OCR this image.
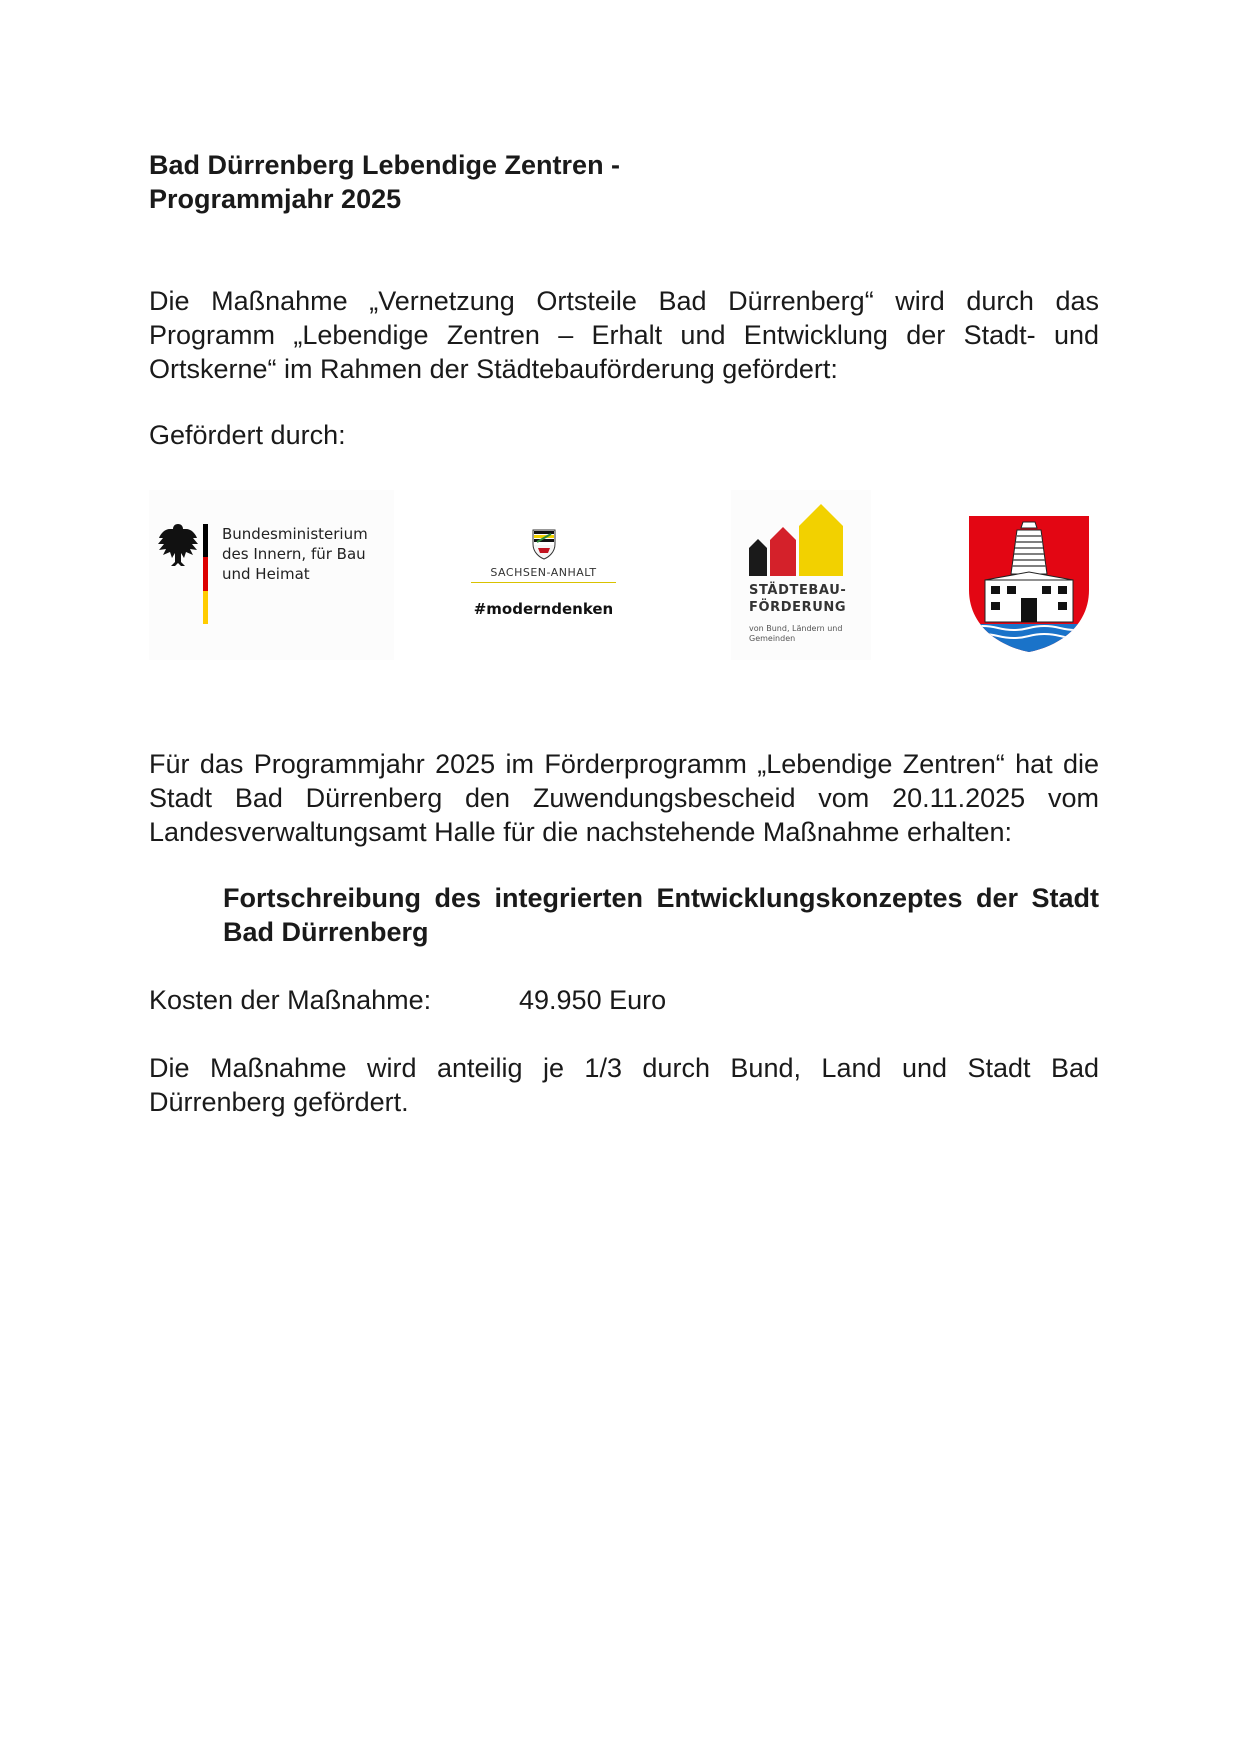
Bad Dürrenberg Lebendige Zentren -
Programmjahr 2025

Die Maßnahme „Vernetzung Ortsteile Bad Dürrenberg“ wird durch das Programm „Lebendige Zentren – Erhalt und Entwicklung der Stadt- und Ortskerne“ im Rahmen der Städtebauförderung gefördert:

Gefördert durch:

Bundesministerium
des Innern, für Bau
und Heimat	SACHSEN-ANHALT
#moderndenken
STÄDTEBAU-
FÖRDERUNG
von Bund, Ländern und Gemeinden

Für das Programmjahr 2025 im Förderprogramm „Lebendige Zentren“ hat die Stadt Bad Dürrenberg den Zuwendungsbescheid vom 20.11.2025 vom Landesverwaltungsamt Halle für die nachstehende Maßnahme erhalten:

Fortschreibung des integrierten Entwicklungskonzeptes der Stadt Bad Dürrenberg

Kosten der Maßnahme:	49.950 Euro

Die Maßnahme wird anteilig je 1/3 durch Bund, Land und Stadt Bad Dürrenberg gefördert.
